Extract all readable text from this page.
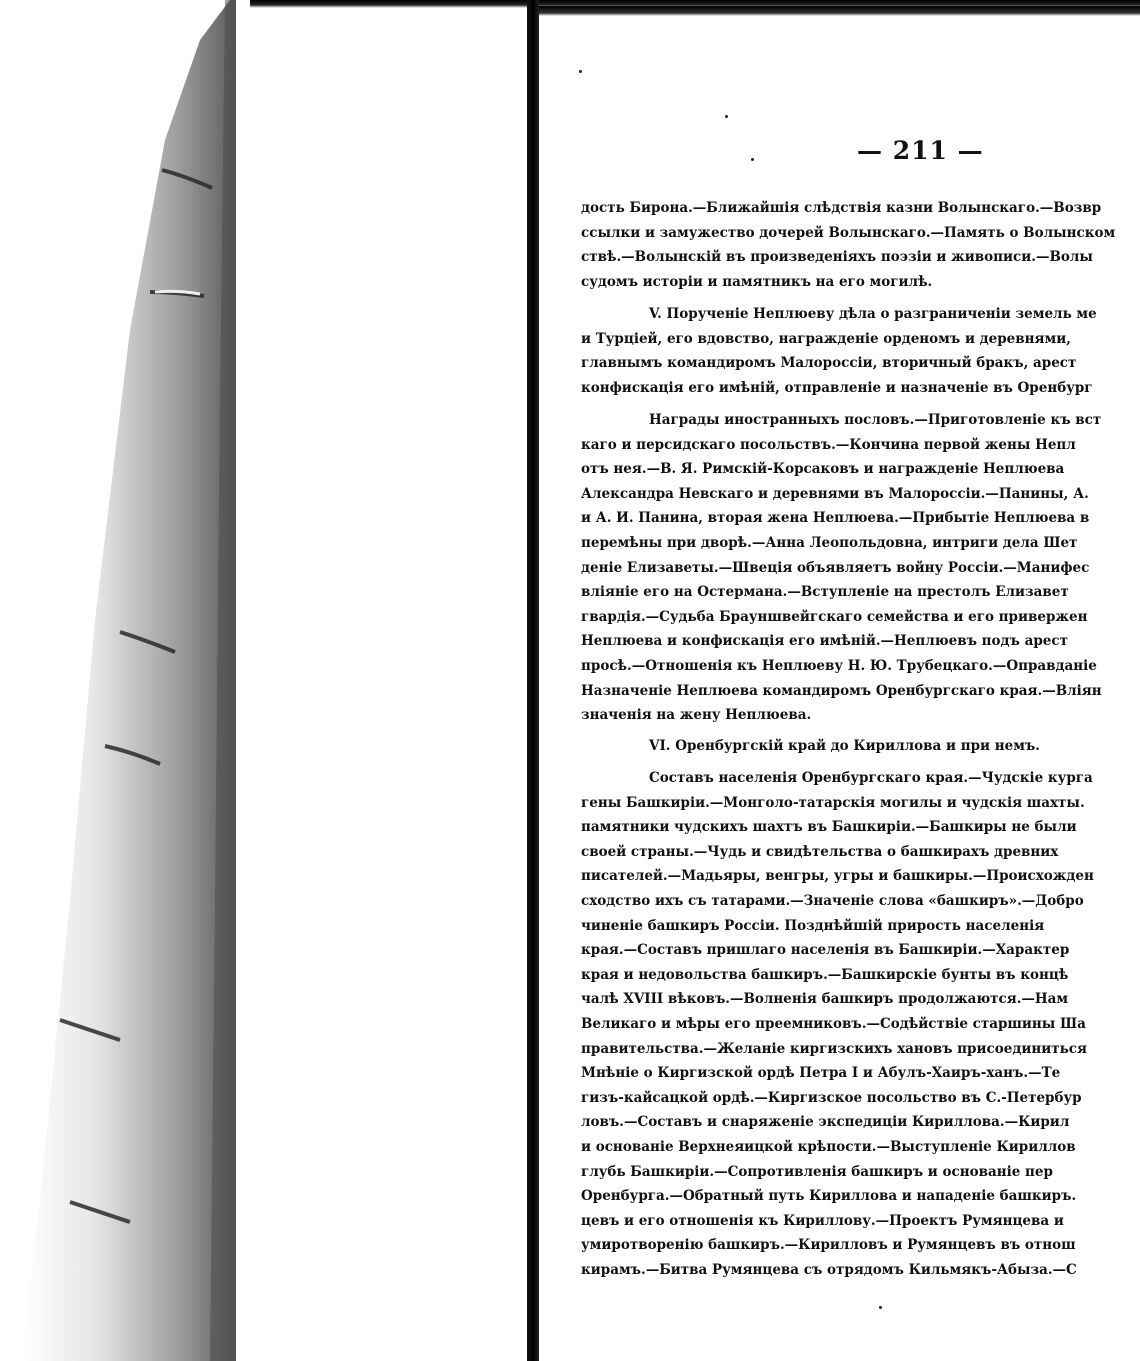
— 211 —
дость Бирона.—Ближайшія слѣдствія казни Волынскаго.—Возвр
ссылки и замужество дочерей Волынскаго.—Память о Волынском
ствѣ.—Волынскій въ произведеніяхъ поэзіи и живописи.—Волы
судомъ исторіи и памятникъ на его могилѣ.
V. Порученіе Неплюеву дѣла о разграниченіи земель ме
и Турціей, его вдовство, награжденіе орденомъ и деревнями,
главнымъ командиромъ Малороссіи, вторичный бракъ, арест
конфискація его имѣній, отправленіе и назначеніе въ Оренбург
Награды иностранныхъ пословъ.—Приготовленіе къ вст
каго и персидскаго посольствъ.—Кончина первой жены Непл
отъ нея.—В. Я. Римскій-Корсаковъ и награжденіе Неплюева
Александра Невскаго и деревнями въ Малороссіи.—Панины, А.
и А. И. Панина, вторая жена Неплюева.—Прибытіе Неплюева в
перемѣны при дворѣ.—Анна Леопольдовна, интриги дела Шет
деніе Елизаветы.—Швеція объявляетъ войну Россіи.—Манифес
вліяніе его на Остермана.—Вступленіе на престолъ Елизавет
гвардія.—Судьба Брауншвейгскаго семейства и его привержен
Неплюева и конфискація его имѣній.—Неплюевъ подъ арест
просѣ.—Отношенія къ Неплюеву Н. Ю. Трубецкаго.—Оправданіе
Назначеніе Неплюева командиромъ Оренбургскаго края.—Вліян
значенія на жену Неплюева.
VI. Оренбургскій край до Кириллова и при немъ.
Составъ населенія Оренбургскаго края.—Чудскіе курга
гены Башкиріи.—Монголо-татарскія могилы и чудскія шахты.
памятники чудскихъ шахтъ въ Башкиріи.—Башкиры не были
своей страны.—Чудь и свидѣтельства о башкирахъ древних
писателей.—Мадьяры, венгры, угры и башкиры.—Происхожден
сходство ихъ съ татарами.—Значеніе слова «башкиръ».—Добро
чиненіе башкиръ Россіи. Позднѣйшій прирость населенія
края.—Составъ пришлаго населенія въ Башкиріи.—Характер
края и недовольства башкиръ.—Башкирскіе бунты въ концѣ
чалѣ XVIII вѣковъ.—Волненія башкиръ продолжаются.—Нам
Великаго и мѣры его преемниковъ.—Содѣйствіе старшины Ша
правительства.—Желаніе киргизскихъ хановъ присоединиться
Мнѣніе о Киргизской ордѣ Петра I и Абулъ-Хаиръ-ханъ.—Те
гизъ-кайсацкой ордѣ.—Киргизское посольство въ С.-Петербур
ловъ.—Составъ и снаряженіе экспедиціи Кириллова.—Кирил
и основаніе Верхнеяицкой крѣпости.—Выступленіе Кириллов
глубь Башкиріи.—Сопротивленія башкиръ и основаніе пер
Оренбурга.—Обратный путь Кириллова и нападеніе башкиръ.
цевъ и его отношенія къ Кириллову.—Проектъ Румянцева и
умиротворенію башкиръ.—Кирилловъ и Румянцевъ въ отнош
кирамъ.—Битва Румянцева съ отрядомъ Кильмякъ-Абыза.—С
